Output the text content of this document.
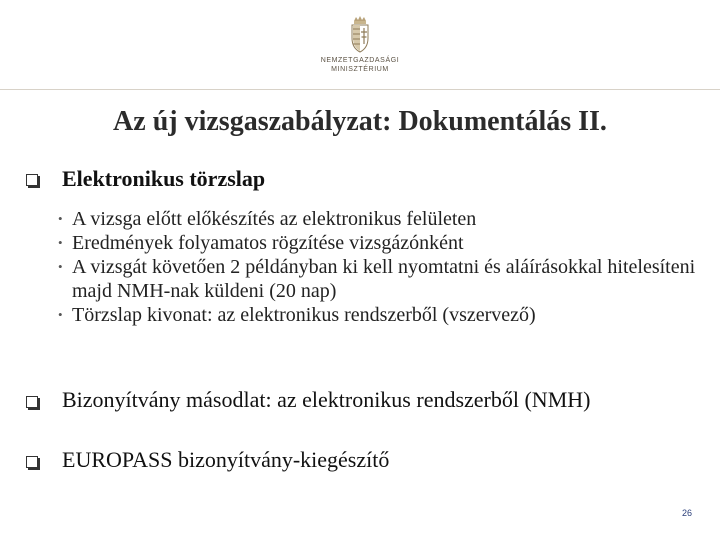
NEMZETGAZDASÁGI
MINISZTÉRIUM
Az új vizsgaszabályzat: Dokumentálás II.
Elektronikus törzslap
• A vizsga előtt előkészítés az elektronikus felületen
• Eredmények folyamatos rögzítése vizsgázónként
• A vizsgát követően 2 példányban ki kell nyomtatni és aláírásokkal hitelesíteni majd NMH-nak küldeni (20 nap)
• Törzslap kivonat: az elektronikus rendszerből (vszervező)
Bizonyítvány másodlat: az elektronikus rendszerből (NMH)
EUROPASS bizonyítvány-kiegészítő
26
